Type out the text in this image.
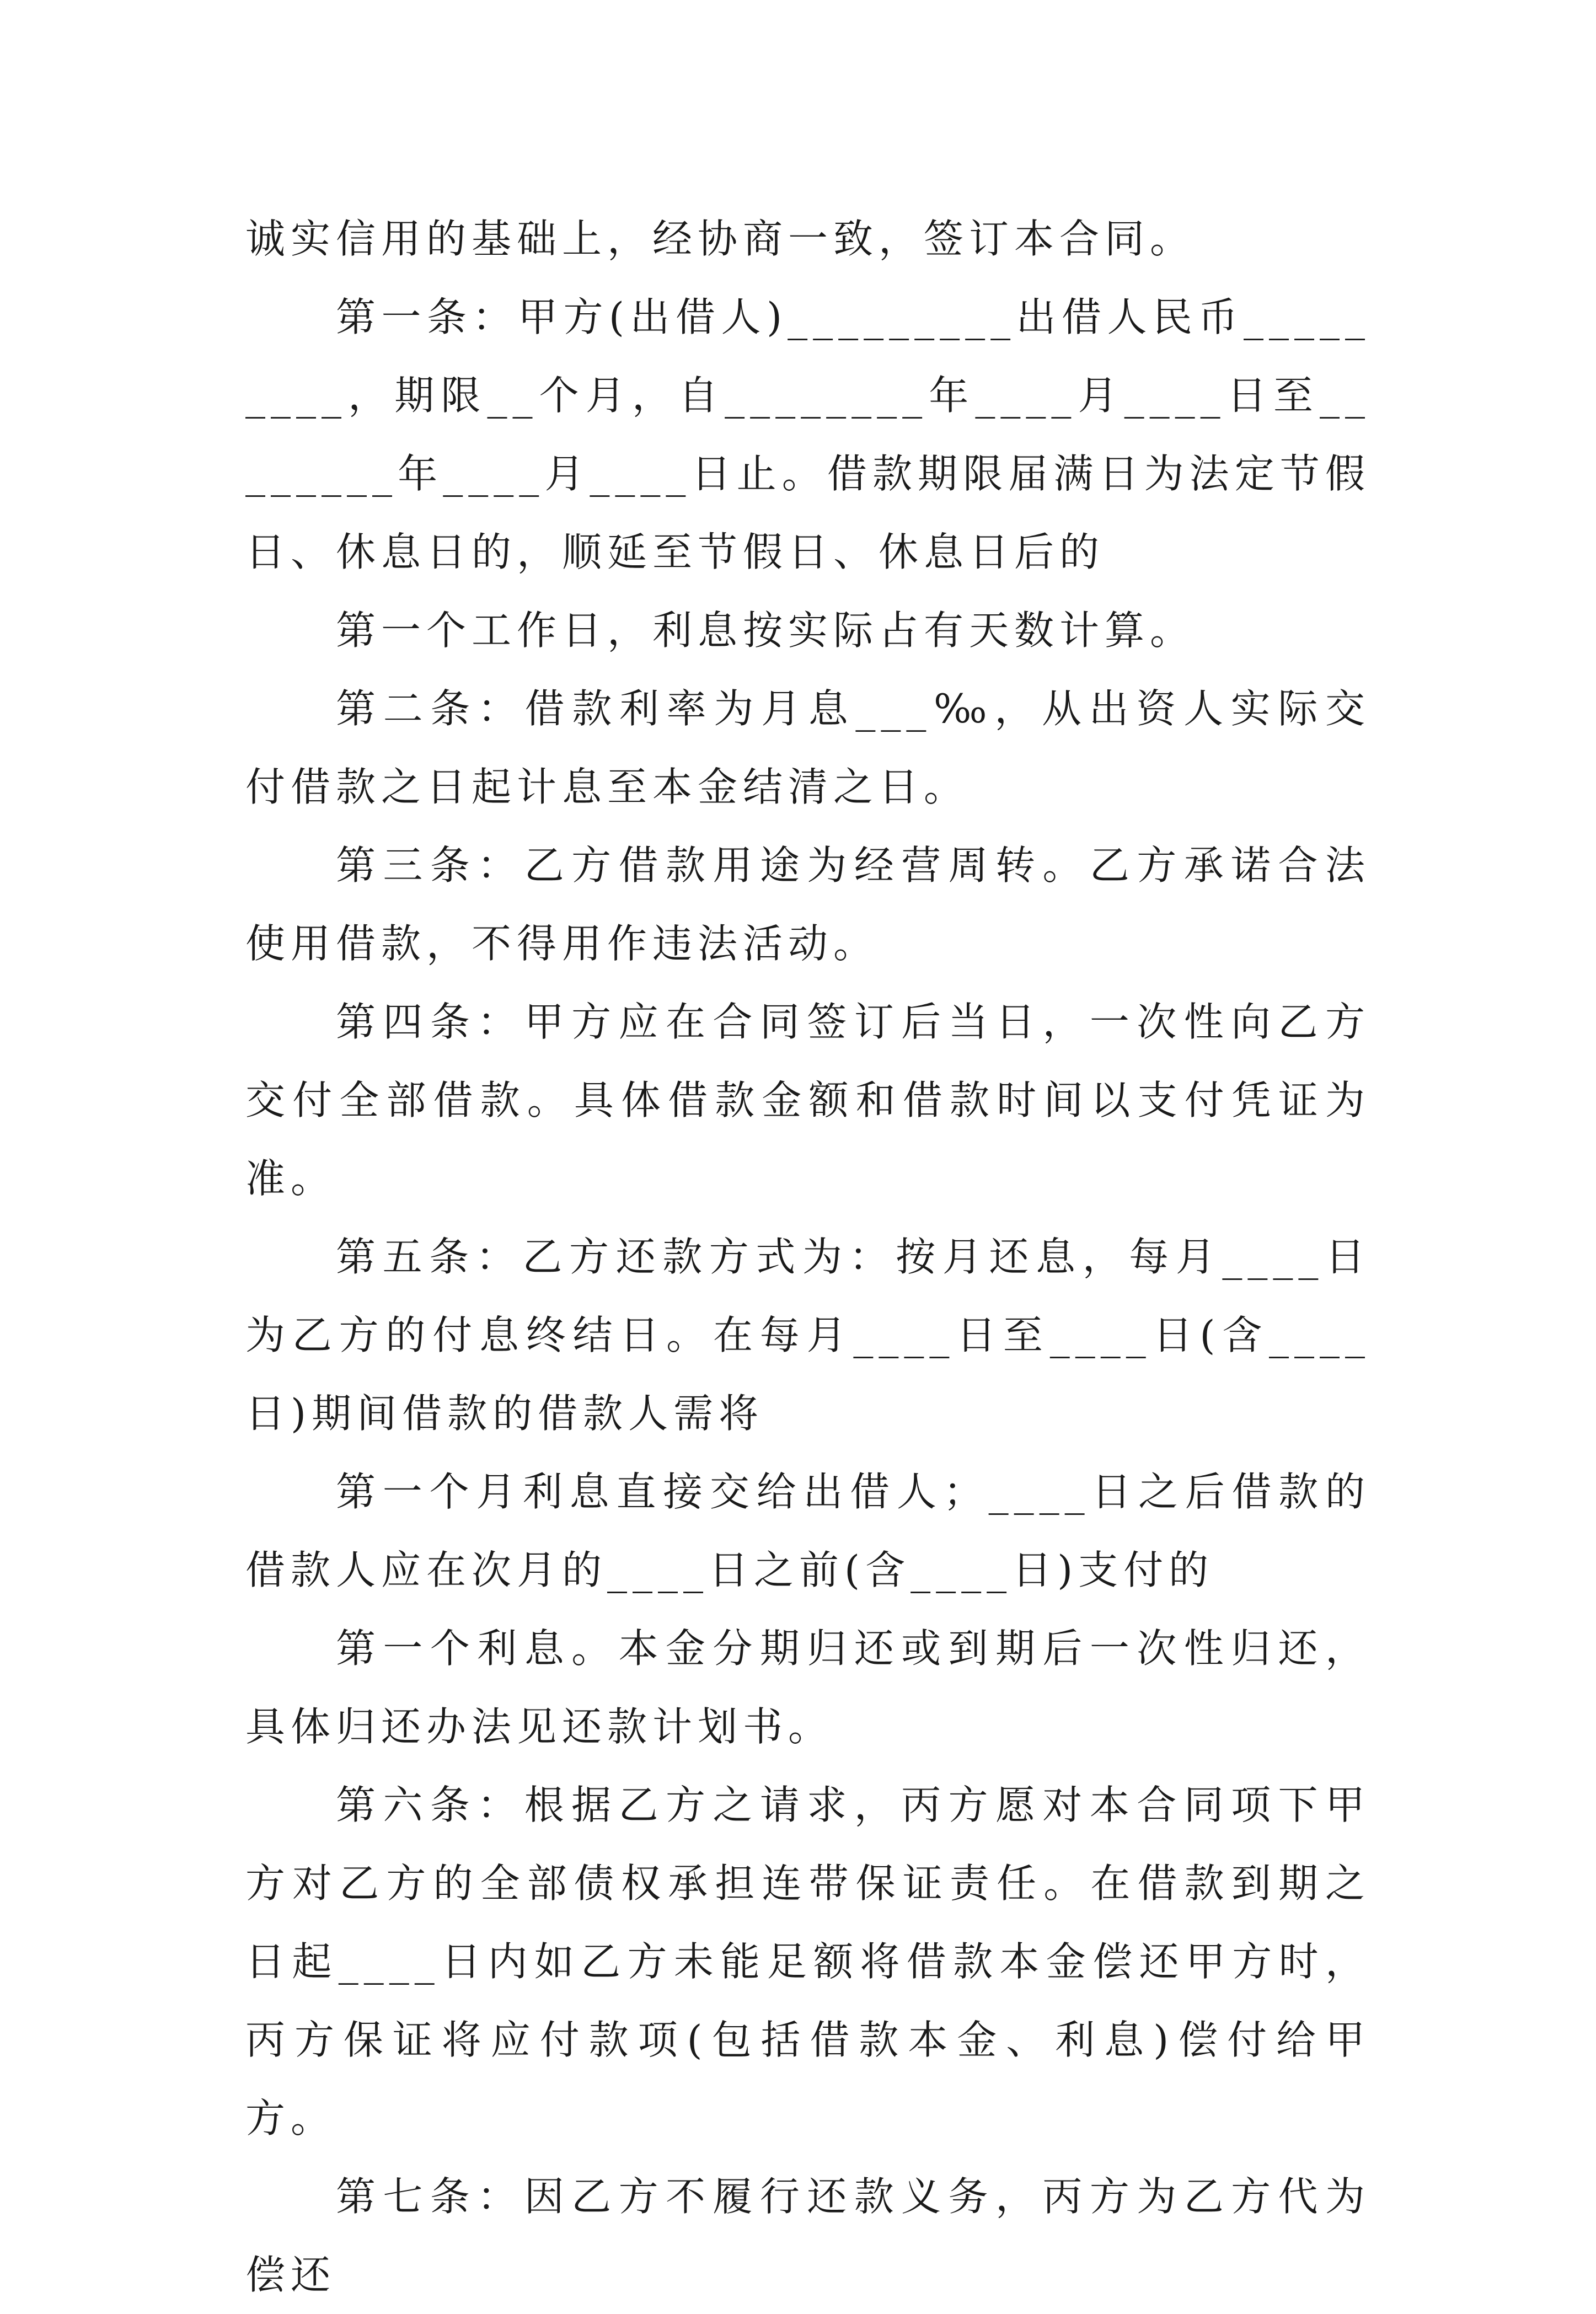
诚实信用的基础上，经协商一致，签订本合同。

第一条：甲方(出借人)_________出借人民币_________，期限__个月，自________年____月____日至________年____月____日止。借款期限届满日为法定节假日、休息日的，顺延至节假日、休息日后的

第一个工作日，利息按实际占有天数计算。

第二条：借款利率为月息___‰，从出资人实际交付借款之日起计息至本金结清之日。

第三条：乙方借款用途为经营周转。乙方承诺合法使用借款，不得用作违法活动。

第四条：甲方应在合同签订后当日，一次性向乙方交付全部借款。具体借款金额和借款时间以支付凭证为准。

第五条：乙方还款方式为：按月还息，每月____日为乙方的付息终结日。在每月____日至____日(含____日)期间借款的借款人需将

第一个月利息直接交给出借人；____日之后借款的借款人应在次月的____日之前(含____日)支付的

第一个利息。本金分期归还或到期后一次性归还，具体归还办法见还款计划书。

第六条：根据乙方之请求，丙方愿对本合同项下甲方对乙方的全部债权承担连带保证责任。在借款到期之日起____日内如乙方未能足额将借款本金偿还甲方时，丙方保证将应付款项(包括借款本金、利息)偿付给甲方。

第七条：因乙方不履行还款义务，丙方为乙方代为偿还
